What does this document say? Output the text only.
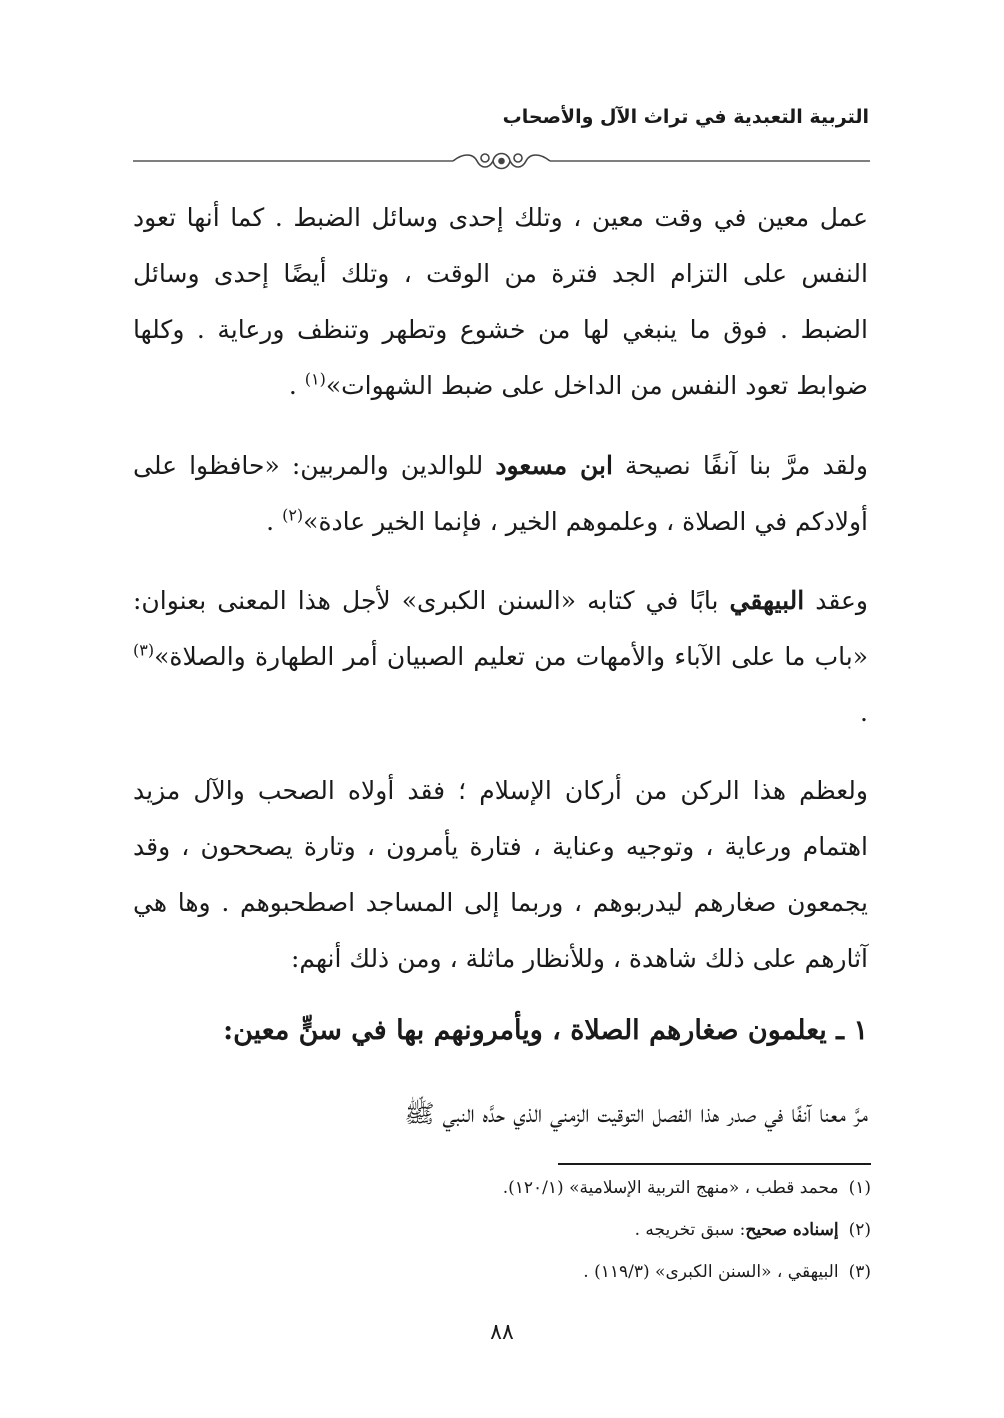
التربية التعبدية في تراث الآل والأصحاب

عمل معين في وقت معين ، وتلك إحدى وسائل الضبط . كما أنها تعود النفس على التزام الجد فترة من الوقت ، وتلك أيضًا إحدى وسائل الضبط . فوق ما ينبغي لها من خشوع وتطهر وتنظف ورعاية . وكلها ضوابط تعود النفس من الداخل على ضبط الشهوات»$^{(١)}$ .

ولقد مرَّ بنا آنفًا نصيحة ابن مسعود للوالدين والمربين: «حافظوا على أولادكم في الصلاة ، وعلموهم الخير ، فإنما الخير عادة»$^{(٢)}$ .

وعقد البيهقي بابًا في كتابه «السنن الكبرى» لأجل هذا المعنى بعنوان: «باب ما على الآباء والأمهات من تعليم الصبيان أمر الطهارة والصلاة»$^{(٣)}$ .

ولعظم هذا الركن من أركان الإسلام ؛ فقد أولاه الصحب والآل مزيد اهتمام ورعاية ، وتوجيه وعناية ، فتارة يأمرون ، وتارة يصححون ، وقد يجمعون صغارهم ليدربوهم ، وربما إلى المساجد اصطحبوهم . وها هي آثارهم على ذلك شاهدة ، وللأنظار ماثلة ، ومن ذلك أنهم:

١ ـ يعلمون صغارهم الصلاة ، ويأمرونهم بها في سنٍّ معين:
مرَّ معنا آنفًا في صدر هذا الفصل التوقيت الزمني الذي حدَّه النبي ﷺ
(١)محمد قطب ، «منهج التربية الإسلامية» (١٢٠/١).
(٢)إسناده صحيح: سبق تخريجه .
(٣)البيهقي ، «السنن الكبرى» (١١٩/٣) .
٨٨
